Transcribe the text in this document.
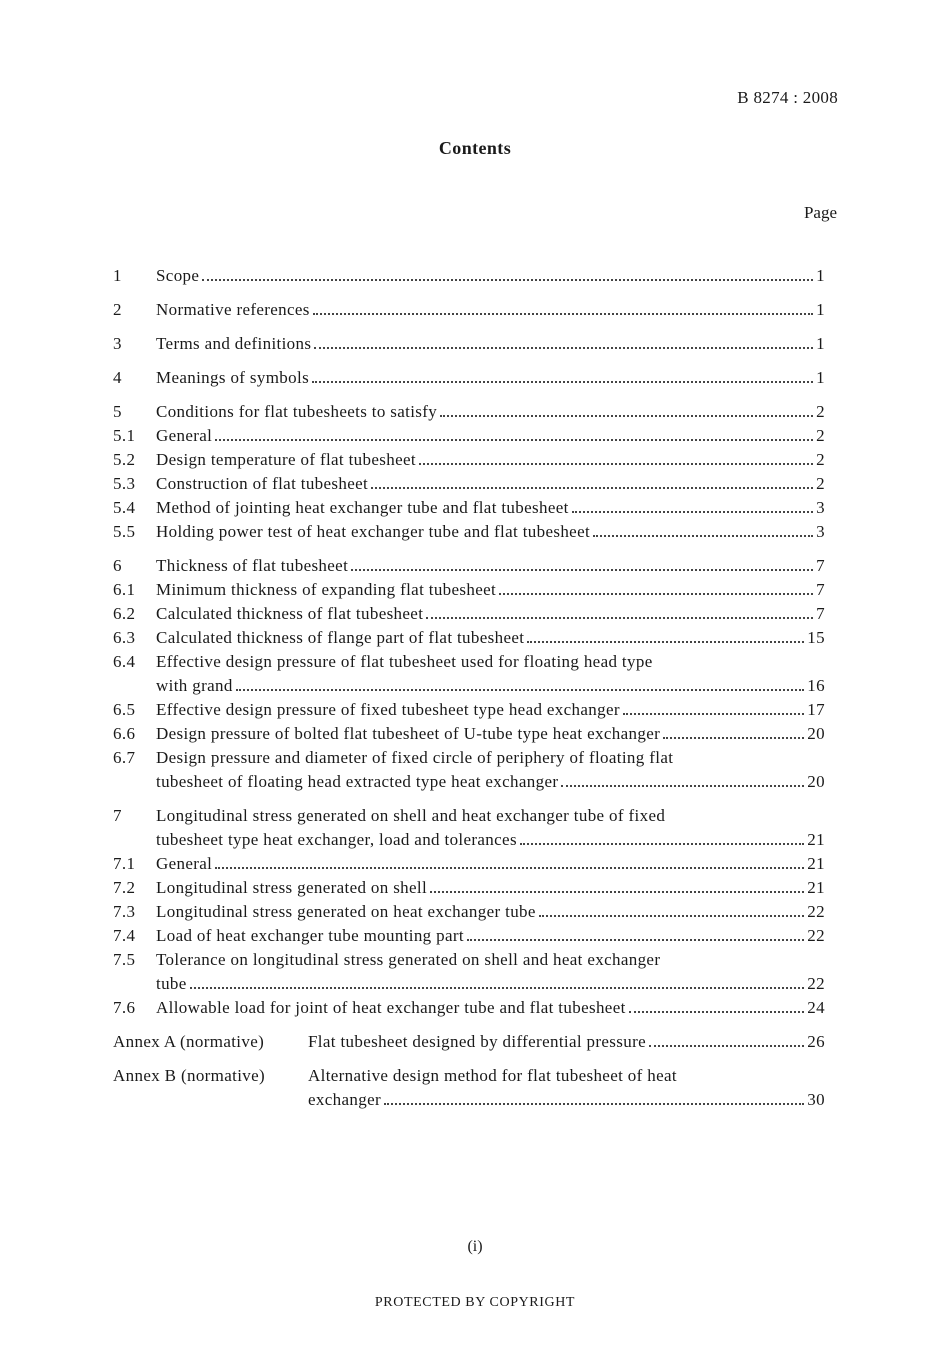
B 8274 : 2008
Contents
Page
1	Scope	1
2	Normative references	1
3	Terms and definitions	1
4	Meanings of symbols	1
5	Conditions for flat tubesheets to satisfy	2
5.1	General	2
5.2	Design temperature of flat tubesheet	2
5.3	Construction of flat tubesheet	2
5.4	Method of jointing heat exchanger tube and flat tubesheet	3
5.5	Holding power test of heat exchanger tube and flat tubesheet	3
6	Thickness of flat tubesheet	7
6.1	Minimum thickness of expanding flat tubesheet	7
6.2	Calculated thickness of flat tubesheet	7
6.3	Calculated thickness of flange part of flat tubesheet	15
6.4	Effective design pressure of flat tubesheet used for floating head type
with grand	16
6.5	Effective design pressure of fixed tubesheet type head exchanger	17
6.6	Design pressure of bolted flat tubesheet of U-tube type heat exchanger	20
6.7	Design pressure and diameter of fixed circle of periphery of floating flat
tubesheet of floating head extracted type heat exchanger	20
7	Longitudinal stress generated on shell and heat exchanger tube of fixed
tubesheet type heat exchanger, load and tolerances	21
7.1	General	21
7.2	Longitudinal stress generated on shell	21
7.3	Longitudinal stress generated on heat exchanger tube	22
7.4	Load of heat exchanger tube mounting part	22
7.5	Tolerance on longitudinal stress generated on shell and heat exchanger
tube	22
7.6	Allowable load for joint of heat exchanger tube and flat tubesheet	24
Annex A (normative)	Flat tubesheet designed by differential pressure	26
Annex B (normative)	Alternative design method for flat tubesheet of heat
exchanger	30
(i)
PROTECTED BY COPYRIGHT
